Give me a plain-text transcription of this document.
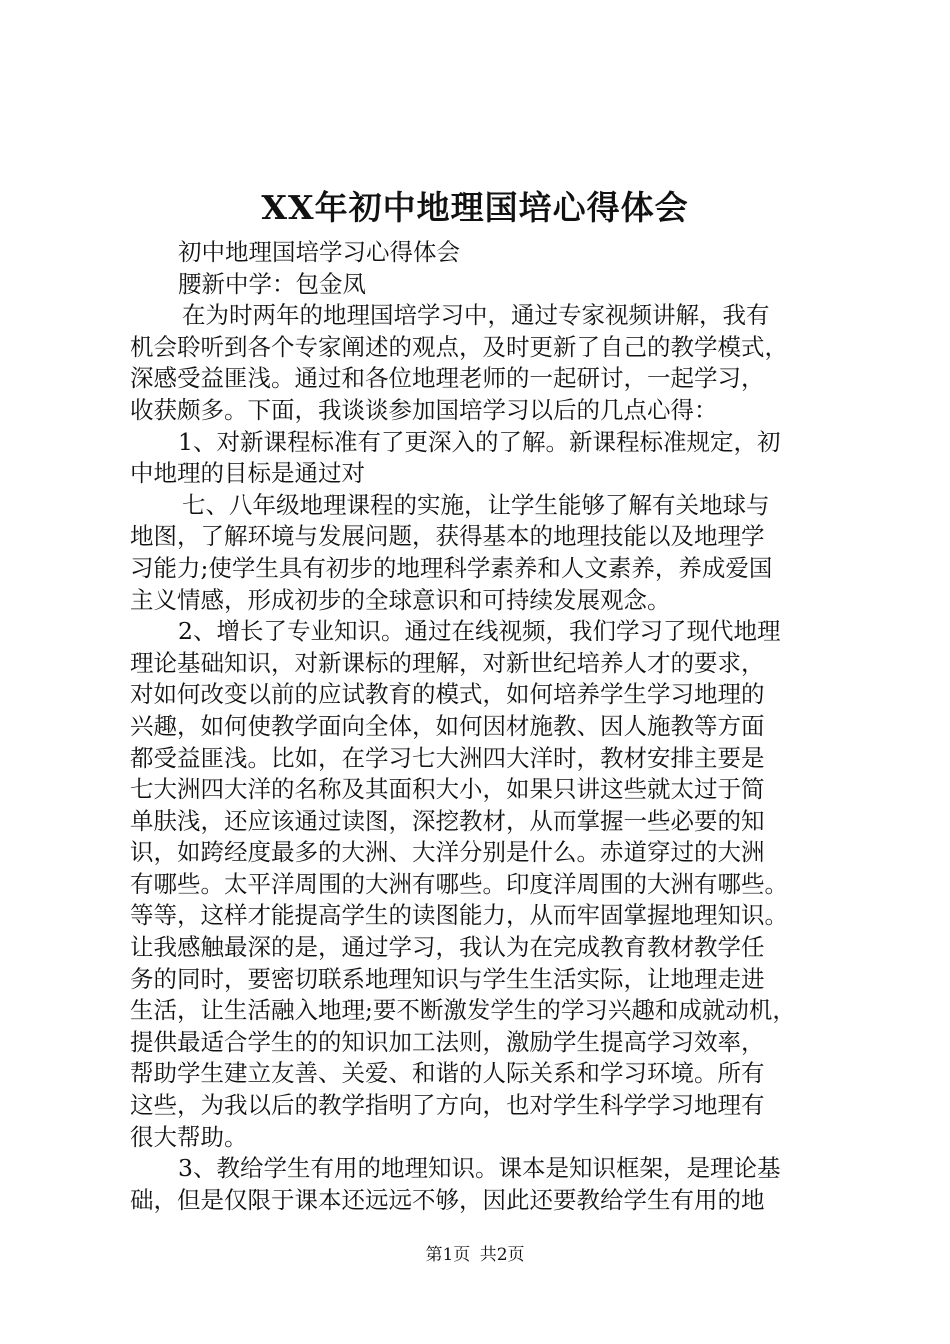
XX年初中地理国培心得体会
初中地理国培学习心得体会
腰新中学：包金凤
在为时两年的地理国培学习中，通过专家视频讲解，我有
机会聆听到各个专家阐述的观点，及时更新了自己的教学模式，
深感受益匪浅。通过和各位地理老师的一起研讨，一起学习，
收获颇多。下面，我谈谈参加国培学习以后的几点心得：
1、对新课程标准有了更深入的了解。新课程标准规定，初
中地理的目标是通过对
七、八年级地理课程的实施，让学生能够了解有关地球与
地图，了解环境与发展问题，获得基本的地理技能以及地理学
习能力;使学生具有初步的地理科学素养和人文素养，养成爱国
主义情感，形成初步的全球意识和可持续发展观念。
2、增长了专业知识。通过在线视频，我们学习了现代地理
理论基础知识，对新课标的理解，对新世纪培养人才的要求，
对如何改变以前的应试教育的模式，如何培养学生学习地理的
兴趣，如何使教学面向全体，如何因材施教、因人施教等方面
都受益匪浅。比如，在学习七大洲四大洋时，教材安排主要是
七大洲四大洋的名称及其面积大小，如果只讲这些就太过于简
单肤浅，还应该通过读图，深挖教材，从而掌握一些必要的知
识，如跨经度最多的大洲、大洋分别是什么。赤道穿过的大洲
有哪些。太平洋周围的大洲有哪些。印度洋周围的大洲有哪些。
等等，这样才能提高学生的读图能力，从而牢固掌握地理知识。
让我感触最深的是，通过学习，我认为在完成教育教材教学任
务的同时，要密切联系地理知识与学生生活实际，让地理走进
生活，让生活融入地理;要不断激发学生的学习兴趣和成就动机，
提供最适合学生的的知识加工法则，激励学生提高学习效率，
帮助学生建立友善、关爱、和谐的人际关系和学习环境。所有
这些，为我以后的教学指明了方向，也对学生科学学习地理有
很大帮助。
3、教给学生有用的地理知识。课本是知识框架，是理论基
础，但是仅限于课本还远远不够，因此还要教给学生有用的地
第1页 共2页
